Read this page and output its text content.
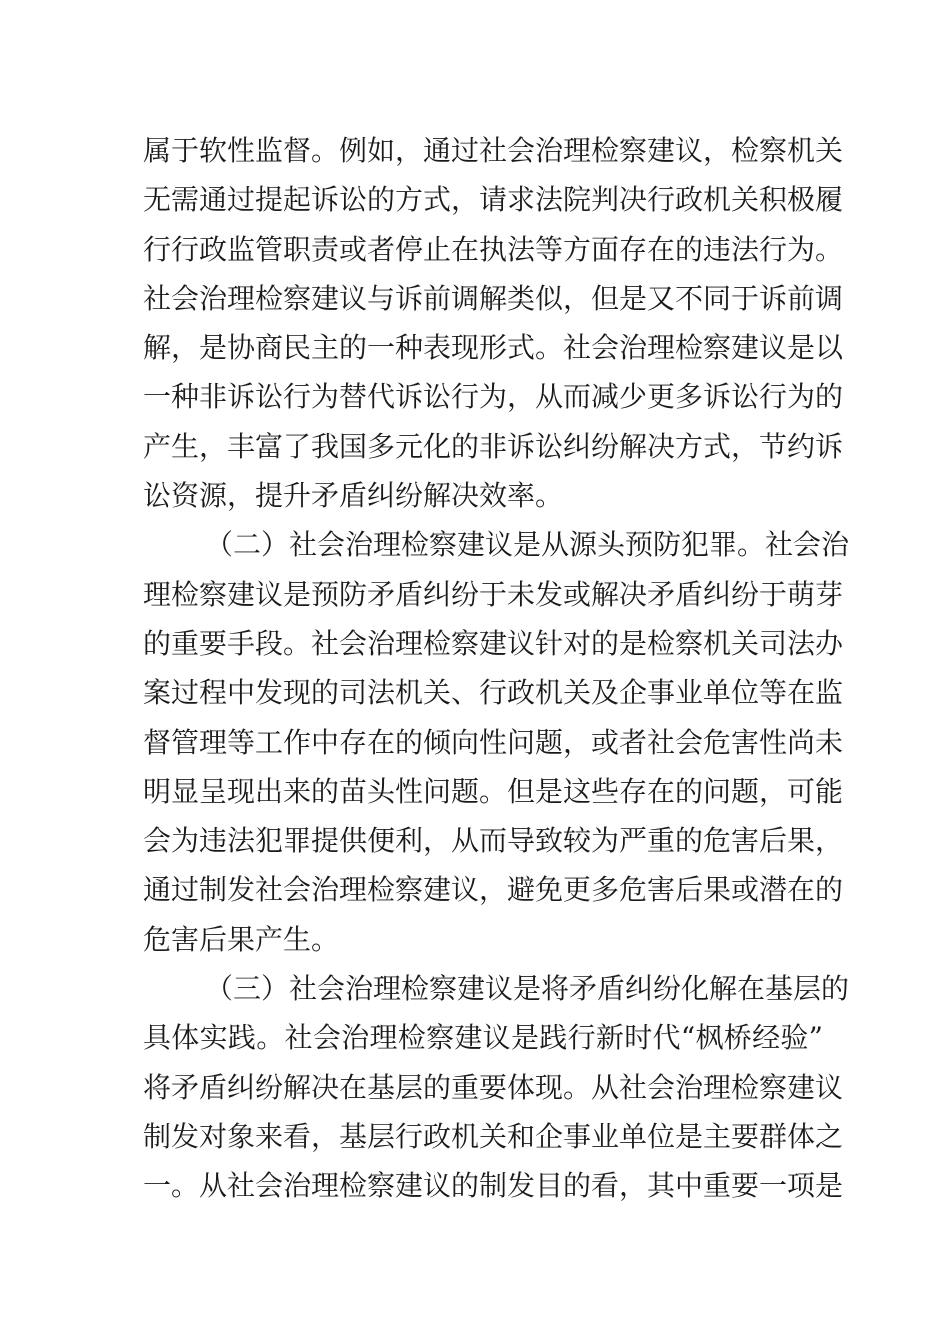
属于软性监督。例如，通过社会治理检察建议，检察机关
无需通过提起诉讼的方式，请求法院判决行政机关积极履
行行政监管职责或者停止在执法等方面存在的违法行为。
社会治理检察建议与诉前调解类似，但是又不同于诉前调
解，是协商民主的一种表现形式。社会治理检察建议是以
一种非诉讼行为替代诉讼行为，从而减少更多诉讼行为的
产生，丰富了我国多元化的非诉讼纠纷解决方式，节约诉
讼资源，提升矛盾纠纷解决效率。
（二）社会治理检察建议是从源头预防犯罪。社会治
理检察建议是预防矛盾纠纷于未发或解决矛盾纠纷于萌芽
的重要手段。社会治理检察建议针对的是检察机关司法办
案过程中发现的司法机关、行政机关及企事业单位等在监
督管理等工作中存在的倾向性问题，或者社会危害性尚未
明显呈现出来的苗头性问题。但是这些存在的问题，可能
会为违法犯罪提供便利，从而导致较为严重的危害后果，
通过制发社会治理检察建议，避免更多危害后果或潜在的
危害后果产生。
（三）社会治理检察建议是将矛盾纠纷化解在基层的
具体实践。社会治理检察建议是践行新时代“枫桥经验”
将矛盾纠纷解决在基层的重要体现。从社会治理检察建议
制发对象来看，基层行政机关和企事业单位是主要群体之
一。从社会治理检察建议的制发目的看，其中重要一项是
